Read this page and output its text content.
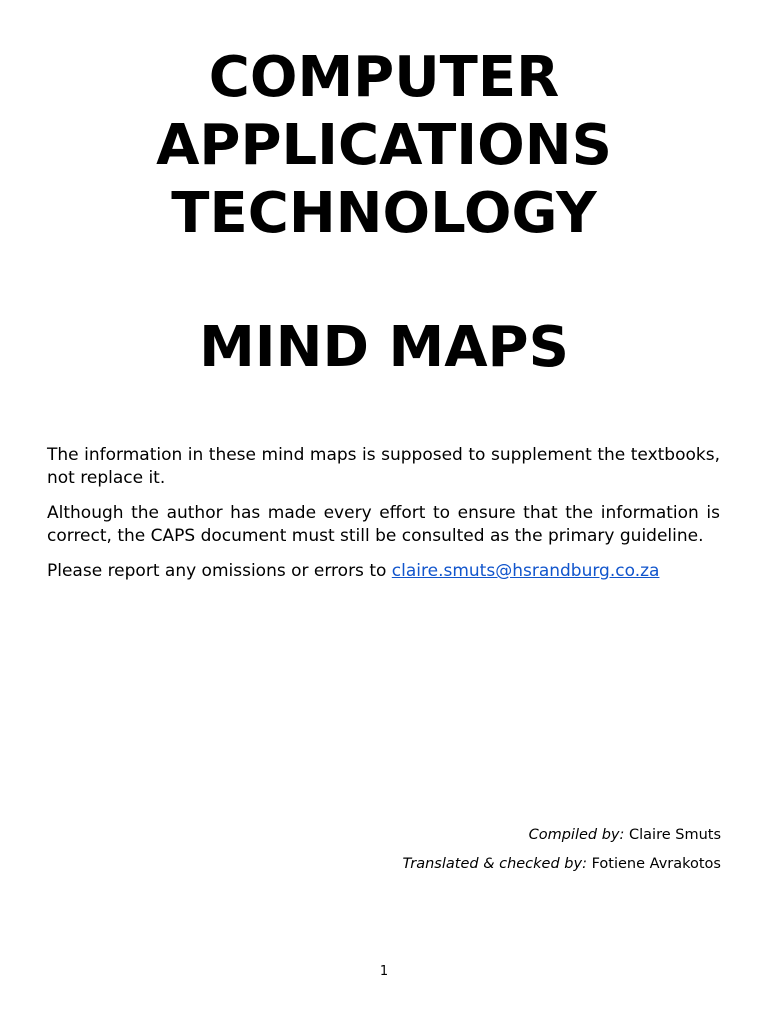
COMPUTER
APPLICATIONS
TECHNOLOGY
MIND MAPS

The information in these mind maps is supposed to supplement the textbooks, not replace it.

Although the author has made every effort to ensure that the information is correct, the CAPS document must still be consulted as the primary guideline.

Please report any omissions or errors to claire.smuts@hsrandburg.co.za

Compiled by: Claire Smuts
Translated & checked by: Fotiene Avrakotos
1
